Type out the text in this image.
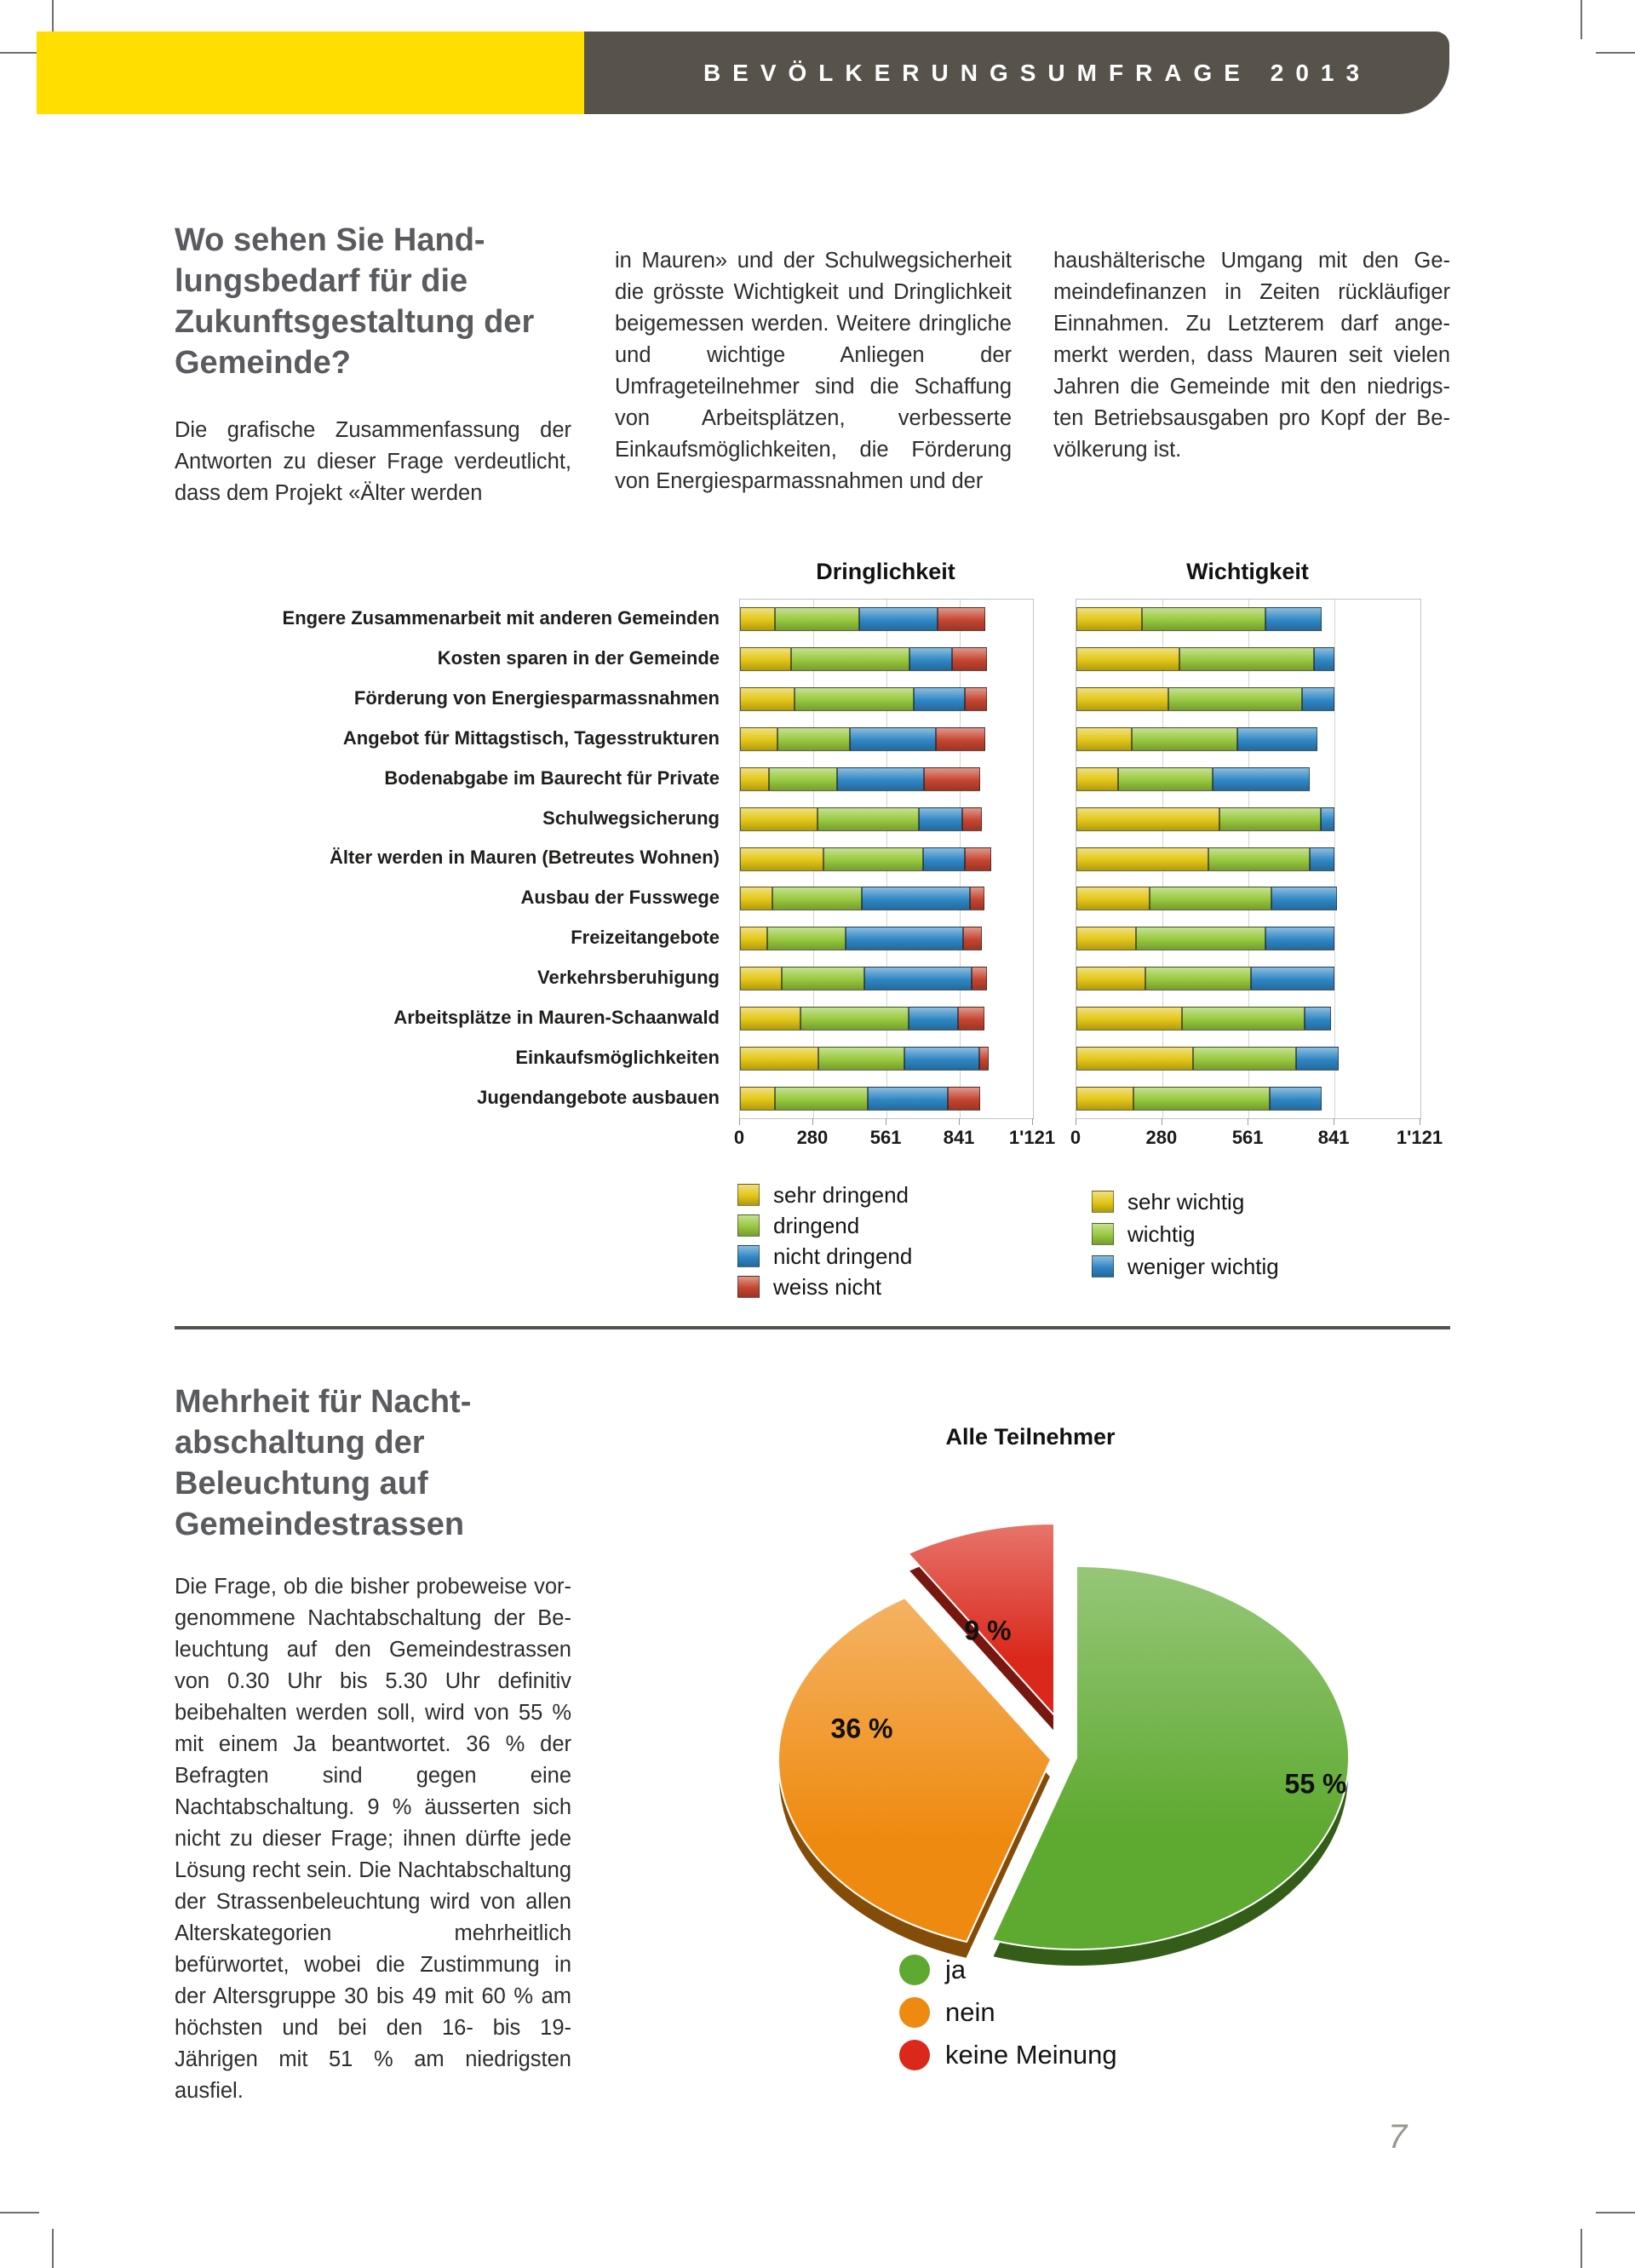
BEVÖLKERUNGSUMFRAGE 2013
Wo sehen Sie Hand-
lungsbedarf für die
Zukunftsgestaltung der
Gemeinde?
Die grafische Zusammenfassung der Antworten zu dieser Frage verdeutlicht, dass dem Projekt «Älter werden
in Mauren» und der Schulwegsicherheit die grösste Wichtigkeit und Dringlichkeit beigemessen werden. Weitere dringliche und wichtige Anliegen der Umfrageteilnehmer sind die Schaffung von Arbeitsplätzen, verbesserte Einkaufsmöglichkeiten, die Förderung von Energiesparmassnahmen und der
haushälterische Umgang mit den Gemeindefinanzen in Zeiten rückläufiger Einnahmen. Zu Letzterem darf angemerkt werden, dass Mauren seit vielen Jahren die Gemeinde mit den niedrigsten Betriebsausgaben pro Kopf der Bevölkerung ist.
Dringlichkeit	Wichtigkeit
Engere Zusammenarbeit mit anderen Gemeinden
Kosten sparen in der Gemeinde
Förderung von Energiesparmassnahmen
Angebot für Mittagstisch, Tagesstrukturen
Bodenabgabe im Baurecht für Private
Schulwegsicherung
Älter werden in Mauren (Betreutes Wohnen)
Ausbau der Fusswege
Freizeitangebote
Verkehrsberuhigung
Arbeitsplätze in Mauren-Schaanwald
Einkaufsmöglichkeiten
Jugendangebote ausbauen
0	280 561 841 1'121 0	280	561	841	1'121
sehr dringend
dringend
nicht dringend
weiss nicht
sehr wichtig
wichtig
weniger wichtig
Mehrheit für Nacht-
abschaltung der
Beleuchtung auf
Gemeindestrassen
Die Frage, ob die bisher probeweise vorgenommene Nachtabschaltung der Beleuchtung auf den Gemeindestrassen von 0.30 Uhr bis 5.30 Uhr definitiv beibehalten werden soll, wird von 55 % mit einem Ja beantwortet. 36 % der Befragten sind gegen eine Nachtabschaltung. 9 % äusserten sich nicht zu dieser Frage; ihnen dürfte jede Lösung recht sein. Die Nachtabschaltung der Strassenbeleuchtung wird von allen Alterskategorien mehrheitlich befürwortet, wobei die Zustimmung in der Altersgruppe 30 bis 49 mit 60 % am höchsten und bei den 16- bis 19-Jährigen mit 51 % am niedrigsten ausfiel.
Alle Teilnehmer
55 %
36 %
9 %
ja
nein
keine Meinung
7
